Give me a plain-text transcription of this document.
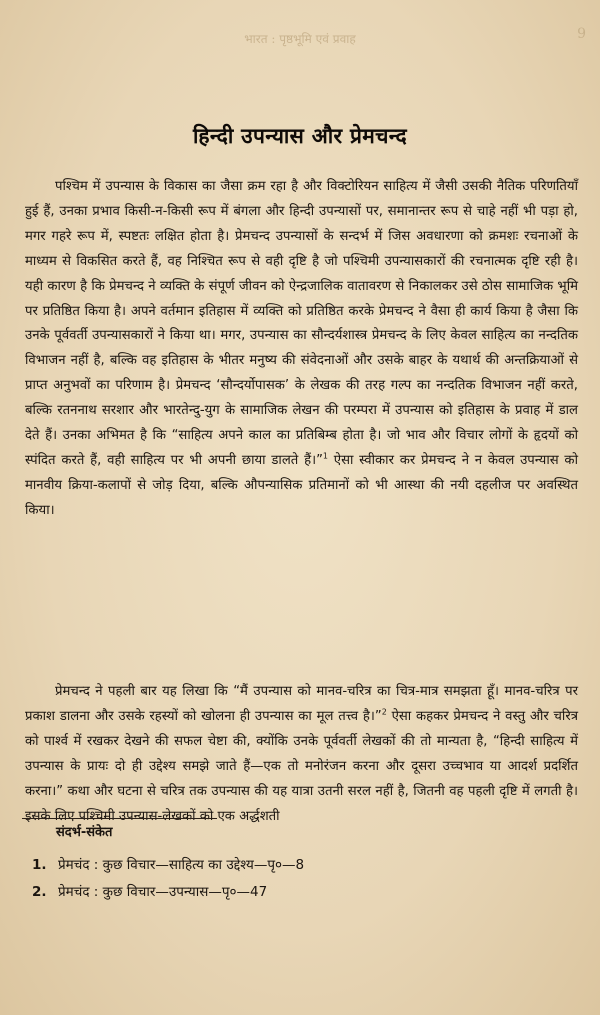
भारत : पृष्ठभूमि एवं प्रवाह	9
हिन्दी उपन्यास और प्रेमचन्द

पश्चिम में उपन्यास के विकास का जैसा क्रम रहा है और विक्टोरियन साहित्य में जैसी उसकी नैतिक परिणतियाँ हुई हैं, उनका प्रभाव किसी-न-किसी रूप में बंगला और हिन्दी उपन्यासों पर, समानान्तर रूप से चाहे नहीं भी पड़ा हो, मगर गहरे रूप में, स्पष्टतः लक्षित होता है। प्रेमचन्द उपन्यासों के सन्दर्भ में जिस अवधारणा को क्रमशः रचनाओं के माध्यम से विकसित करते हैं, वह निश्चित रूप से वही दृष्टि है जो पश्चिमी उपन्यासकारों की रचनात्मक दृष्टि रही है। यही कारण है कि प्रेमचन्द ने व्यक्ति के संपूर्ण जीवन को ऐन्द्रजालिक वातावरण से निकालकर उसे ठोस सामाजिक भूमि पर प्रतिष्ठित किया है। अपने वर्तमान इतिहास में व्यक्ति को प्रतिष्ठित करके प्रेमचन्द ने वैसा ही कार्य किया है जैसा कि उनके पूर्ववर्ती उपन्यासकारों ने किया था। मगर, उपन्यास का सौन्दर्यशास्त्र प्रेमचन्द के लिए केवल साहित्य का नन्दतिक विभाजन नहीं है, बल्कि वह इतिहास के भीतर मनुष्य की संवेदनाओं और उसके बाहर के यथार्थ की अन्तक्रियाओं से प्राप्त अनुभवों का परिणाम है। प्रेमचन्द ‘सौन्दर्योपासक’ के लेखक की तरह गल्प का नन्दतिक विभाजन नहीं करते, बल्कि रतननाथ सरशार और भारतेन्दु-युग के सामाजिक लेखन की परम्परा में उपन्यास को इतिहास के प्रवाह में डाल देते हैं। उनका अभिमत है कि “साहित्य अपने काल का प्रतिबिम्ब होता है। जो भाव और विचार लोगों के हृदयों को स्पंदित करते हैं, वही साहित्य पर भी अपनी छाया डालते हैं।”$^1$ ऐसा स्वीकार कर प्रेमचन्द ने न केवल उपन्यास को मानवीय क्रिया-कलापों से जोड़ दिया, बल्कि औपन्यासिक प्रतिमानों को भी आस्था की नयी दहलीज पर अवस्थित किया।

प्रेमचन्द ने पहली बार यह लिखा कि “मैं उपन्यास को मानव-चरित्र का चित्र-मात्र समझता हूँ। मानव-चरित्र पर प्रकाश डालना और उसके रहस्यों को खोलना ही उपन्यास का मूल तत्त्व है।”$^2$ ऐसा कहकर प्रेमचन्द ने वस्तु और चरित्र को पार्श्व में रखकर देखने की सफल चेष्टा की, क्योंकि उनके पूर्ववर्ती लेखकों की तो मान्यता है, “हिन्दी साहित्य में उपन्यास के प्रायः दो ही उद्देश्य समझे जाते हैं—एक तो मनोरंजन करना और दूसरा उच्चभाव या आदर्श प्रदर्शित करना।” कथा और घटना से चरित्र तक उपन्यास की यह यात्रा उतनी सरल नहीं है, जितनी वह पहली दृष्टि में लगती है। इसके लिए पश्चिमी उपन्यास-लेखकों को एक अर्द्धशती

संदर्भ-संकेत
1. प्रेमचंद : कुछ विचार—साहित्य का उद्देश्य—पृ०—8
2. प्रेमचंद : कुछ विचार—उपन्यास—पृ०—47
